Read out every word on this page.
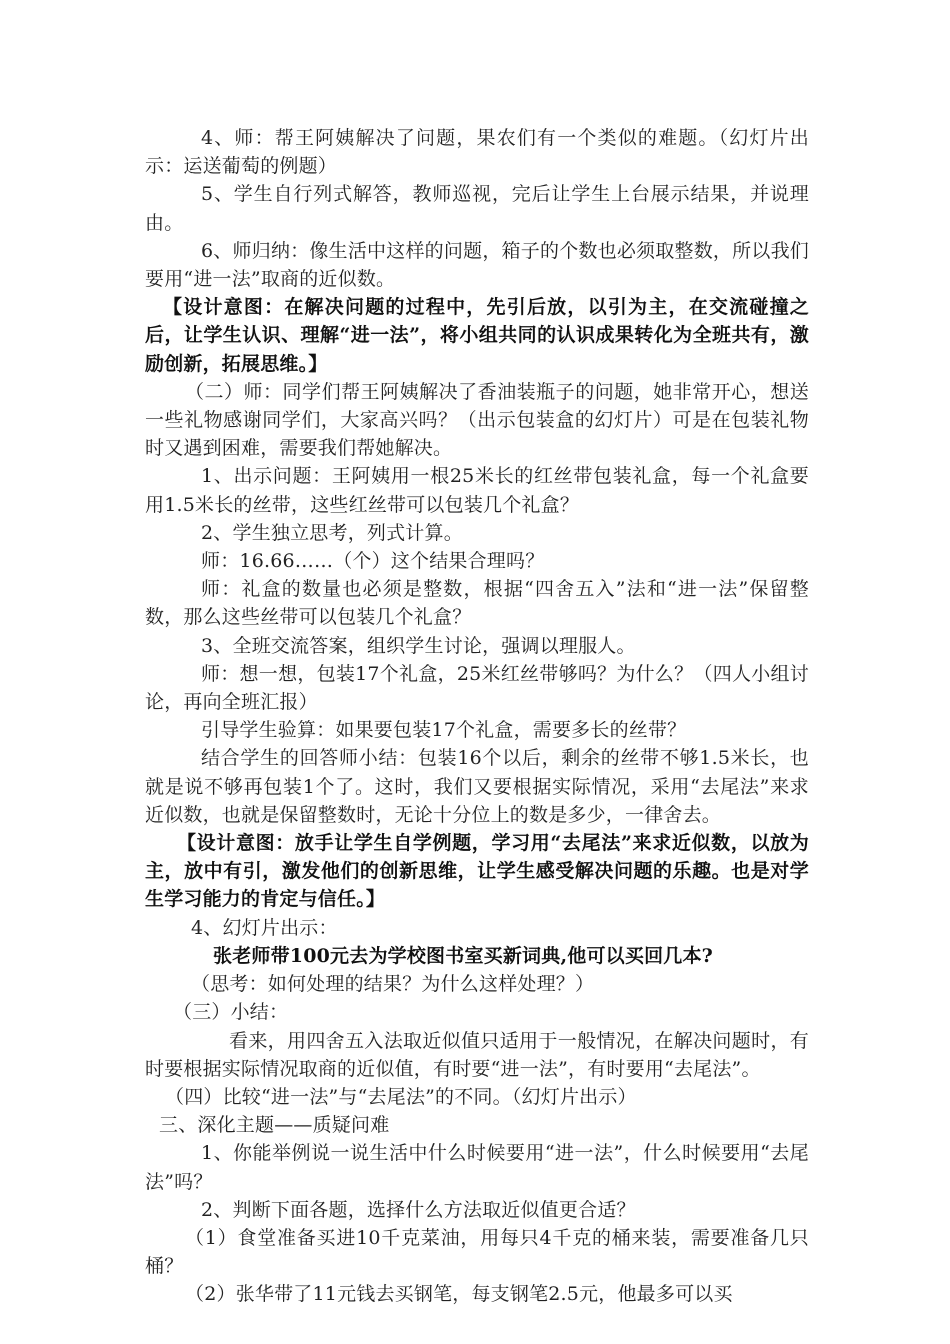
4、师：帮王阿姨解决了问题，果农们有一个类似的难题。（幻灯片出示：运送葡萄的例题）

5、学生自行列式解答，教师巡视，完后让学生上台展示结果，并说理由。

6、师归纳：像生活中这样的问题，箱子的个数也必须取整数，所以我们要用“进一法”取商的近似数。

【设计意图：在解决问题的过程中，先引后放，以引为主，在交流碰撞之后，让学生认识、理解“进一法”，将小组共同的认识成果转化为全班共有，激励创新，拓展思维。】

（二）师：同学们帮王阿姨解决了香油装瓶子的问题，她非常开心，想送一些礼物感谢同学们，大家高兴吗？（出示包装盒的幻灯片）可是在包装礼物时又遇到困难，需要我们帮她解决。

1、出示问题：王阿姨用一根25米长的红丝带包装礼盒，每一个礼盒要用1.5米长的丝带，这些红丝带可以包装几个礼盒？

2、学生独立思考，列式计算。

师：16.66……（个）这个结果合理吗？

师：礼盒的数量也必须是整数，根据“四舍五入”法和“进一法”保留整数，那么这些丝带可以包装几个礼盒？

3、全班交流答案，组织学生讨论，强调以理服人。

师：想一想，包装17个礼盒，25米红丝带够吗？为什么？（四人小组讨论，再向全班汇报）

引导学生验算：如果要包装17个礼盒，需要多长的丝带？

结合学生的回答师小结：包装16个以后，剩余的丝带不够1.5米长，也就是说不够再包装1个了。这时，我们又要根据实际情况，采用“去尾法”来求近似数，也就是保留整数时，无论十分位上的数是多少，一律舍去。

【设计意图：放手让学生自学例题，学习用“去尾法”来求近似数，以放为主，放中有引，激发他们的创新思维，让学生感受解决问题的乐趣。也是对学生学习能力的肯定与信任。】

4、幻灯片出示：

张老师带100元去为学校图书室买新词典,他可以买回几本?

（思考：如何处理的结果？为什么这样处理？）

（三）小结：

看来，用四舍五入法取近似值只适用于一般情况，在解决问题时，有时要根据实际情况取商的近似值，有时要“进一法”，有时要用“去尾法”。

（四）比较“进一法”与“去尾法”的不同。（幻灯片出示）

三、深化主题——质疑问难

1、你能举例说一说生活中什么时候要用“进一法”，什么时候要用“去尾法”吗？

2、判断下面各题，选择什么方法取近似值更合适？

（1）食堂准备买进10千克菜油，用每只4千克的桶来装，需要准备几只桶？

（2）张华带了11元钱去买钢笔，每支钢笔2.5元，他最多可以买
